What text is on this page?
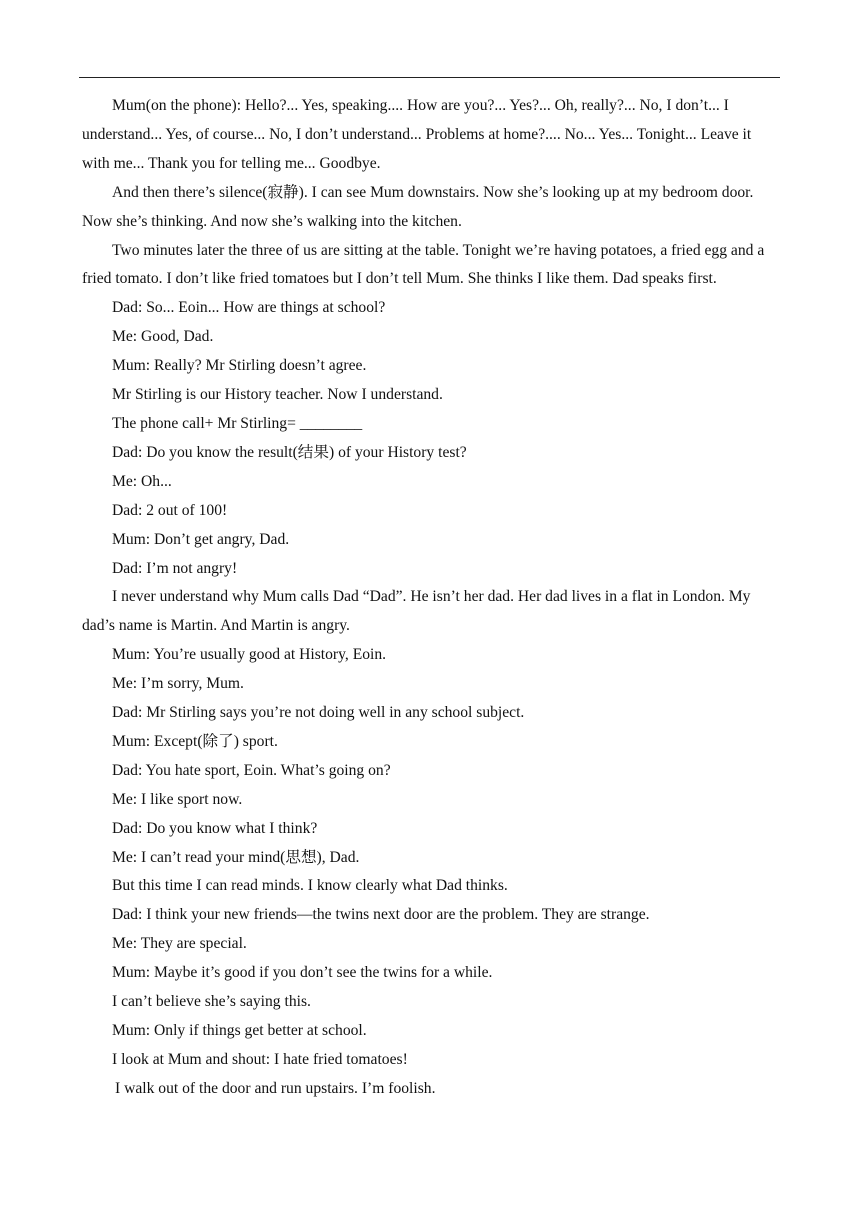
Mum(on the phone): Hello?... Yes, speaking.... How are you?... Yes?... Oh, really?... No, I don’t... I understand... Yes, of course... No, I don’t understand... Problems at home?.... No... Yes... Tonight... Leave it with me... Thank you for telling me... Goodbye.

And then there’s silence(寂静). I can see Mum downstairs. Now she’s looking up at my bedroom door. Now she’s thinking. And now she’s walking into the kitchen.

Two minutes later the three of us are sitting at the table. Tonight we’re having potatoes, a fried egg and a fried tomato. I don’t like fried tomatoes but I don’t tell Mum. She thinks I like them. Dad speaks first.

Dad: So... Eoin... How are things at school?

Me: Good, Dad.

Mum: Really? Mr Stirling doesn’t agree.

Mr Stirling is our History teacher. Now I understand.

The phone call+ Mr Stirling= ________

Dad: Do you know the result(结果) of your History test?

Me: Oh...

Dad: 2 out of 100!

Mum: Don’t get angry, Dad.

Dad: I’m not angry!

I never understand why Mum calls Dad “Dad”. He isn’t her dad. Her dad lives in a flat in London. My dad’s name is Martin. And Martin is angry.

Mum: You’re usually good at History, Eoin.

Me: I’m sorry, Mum.

Dad: Mr Stirling says you’re not doing well in any school subject.

Mum: Except(除了) sport.

Dad: You hate sport, Eoin. What’s going on?

Me: I like sport now.

Dad: Do you know what I think?

Me: I can’t read your mind(思想), Dad.

But this time I can read minds. I know clearly what Dad thinks.

Dad: I think your new friends—the twins next door are the problem. They are strange.

Me: They are special.

Mum: Maybe it’s good if you don’t see the twins for a while.

I can’t believe she’s saying this.

Mum: Only if things get better at school.

I look at Mum and shout: I hate fried tomatoes!

I walk out of the door and run upstairs. I’m foolish.
